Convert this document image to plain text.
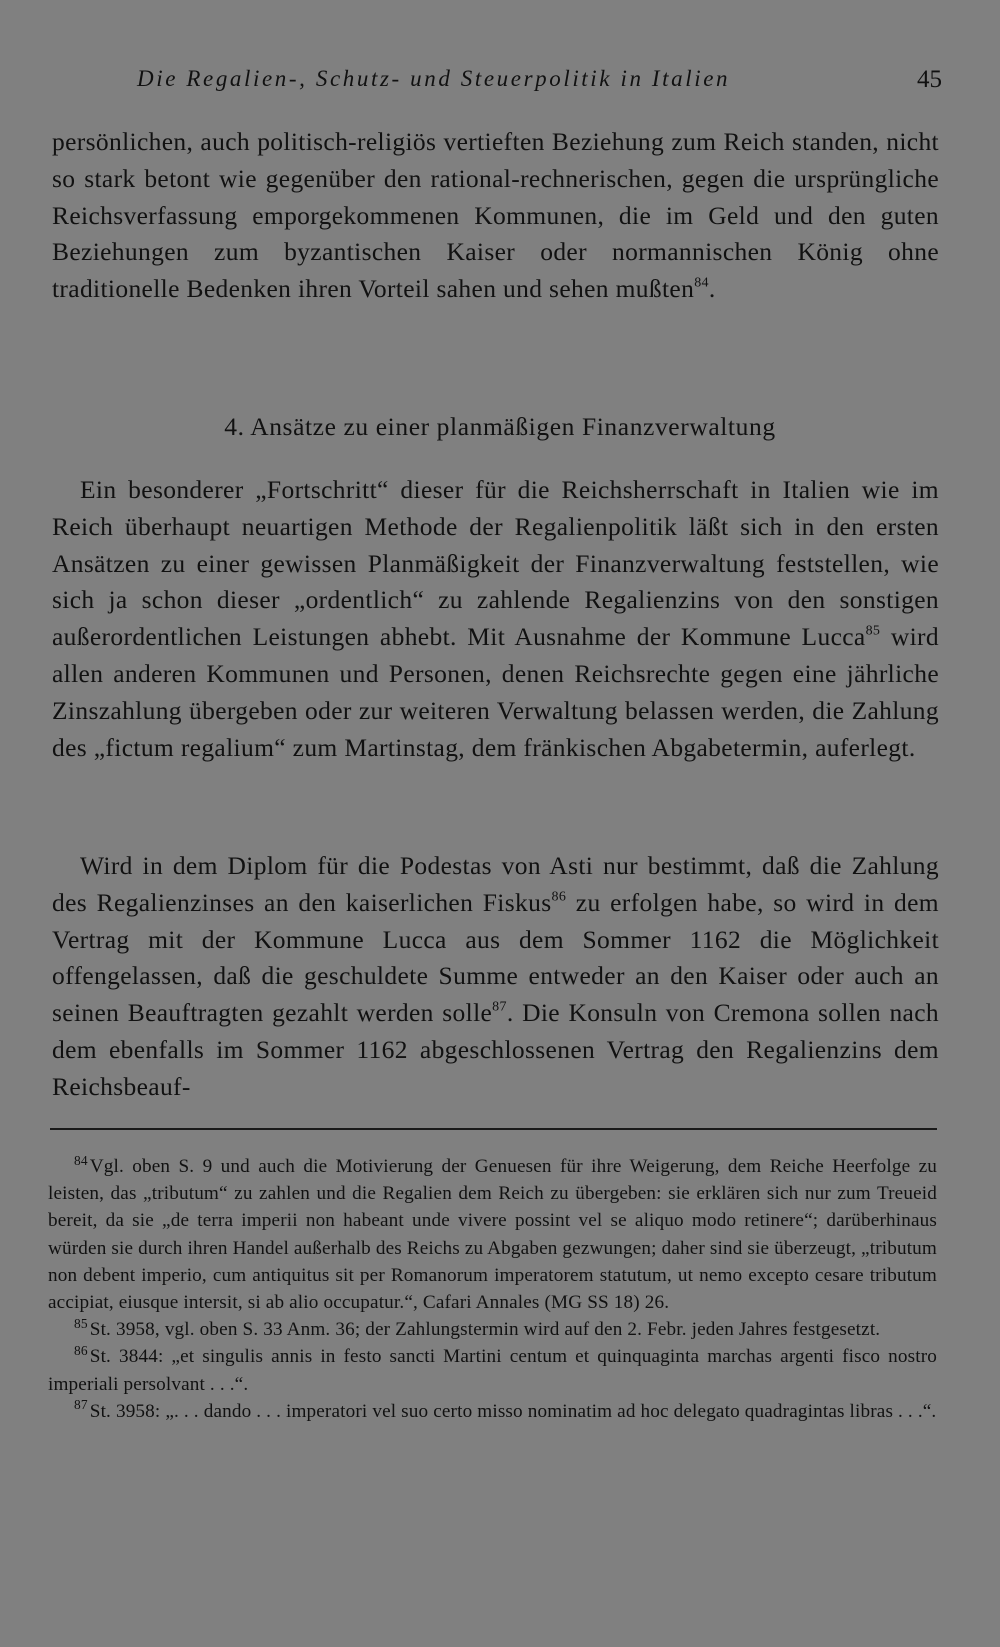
Die Regalien-, Schutz- und Steuerpolitik in Italien	45

persönlichen, auch politisch-religiös vertieften Beziehung zum Reich standen, nicht so stark betont wie gegenüber den rational-rechnerischen, gegen die ursprüngliche Reichsverfassung emporgekommenen Kommunen, die im Geld und den guten Beziehungen zum byzantischen Kaiser oder normannischen König ohne traditionelle Bedenken ihren Vorteil sahen und sehen mußten$^{84}$.

4. Ansätze zu einer planmäßigen Finanzverwaltung

Ein besonderer „Fortschritt“ dieser für die Reichsherrschaft in Italien wie im Reich überhaupt neuartigen Methode der Regalienpolitik läßt sich in den ersten Ansätzen zu einer gewissen Planmäßigkeit der Finanzverwaltung feststellen, wie sich ja schon dieser „ordentlich“ zu zahlende Regalienzins von den sonstigen außerordentlichen Leistungen abhebt. Mit Ausnahme der Kommune Lucca$^{85}$ wird allen anderen Kommunen und Personen, denen Reichsrechte gegen eine jährliche Zinszahlung übergeben oder zur weiteren Verwaltung belassen werden, die Zahlung des „fictum regalium“ zum Martinstag, dem fränkischen Abgabetermin, auferlegt.

Wird in dem Diplom für die Podestas von Asti nur bestimmt, daß die Zahlung des Regalienzinses an den kaiserlichen Fiskus$^{86}$ zu erfolgen habe, so wird in dem Vertrag mit der Kommune Lucca aus dem Sommer 1162 die Möglichkeit offengelassen, daß die geschuldete Summe entweder an den Kaiser oder auch an seinen Beauftragten gezahlt werden solle$^{87}$. Die Konsuln von Cremona sollen nach dem ebenfalls im Sommer 1162 abgeschlossenen Vertrag den Regalienzins dem Reichsbeauf-

$^{84}$ Vgl. oben S. 9 und auch die Motivierung der Genuesen für ihre Weigerung, dem Reiche Heerfolge zu leisten, das „tributum“ zu zahlen und die Regalien dem Reich zu übergeben: sie erklären sich nur zum Treueid bereit, da sie „de terra imperii non habeant unde vivere possint vel se aliquo modo retinere“; darüberhinaus würden sie durch ihren Handel außerhalb des Reichs zu Abgaben gezwungen; daher sind sie überzeugt, „tributum non debent imperio, cum antiquitus sit per Romanorum imperatorem statutum, ut nemo excepto cesare tributum accipiat, eiusque intersit, si ab alio occupatur.“, Cafari Annales (MG SS 18) 26.

$^{85}$ St. 3958, vgl. oben S. 33 Anm. 36; der Zahlungstermin wird auf den 2. Febr. jeden Jahres festgesetzt.

$^{86}$ St. 3844: „et singulis annis in festo sancti Martini centum et quinquaginta marchas argenti fisco nostro imperiali persolvant . . .“.

$^{87}$ St. 3958: „. . . dando . . . imperatori vel suo certo misso nominatim ad hoc delegato quadragintas libras . . .“.
